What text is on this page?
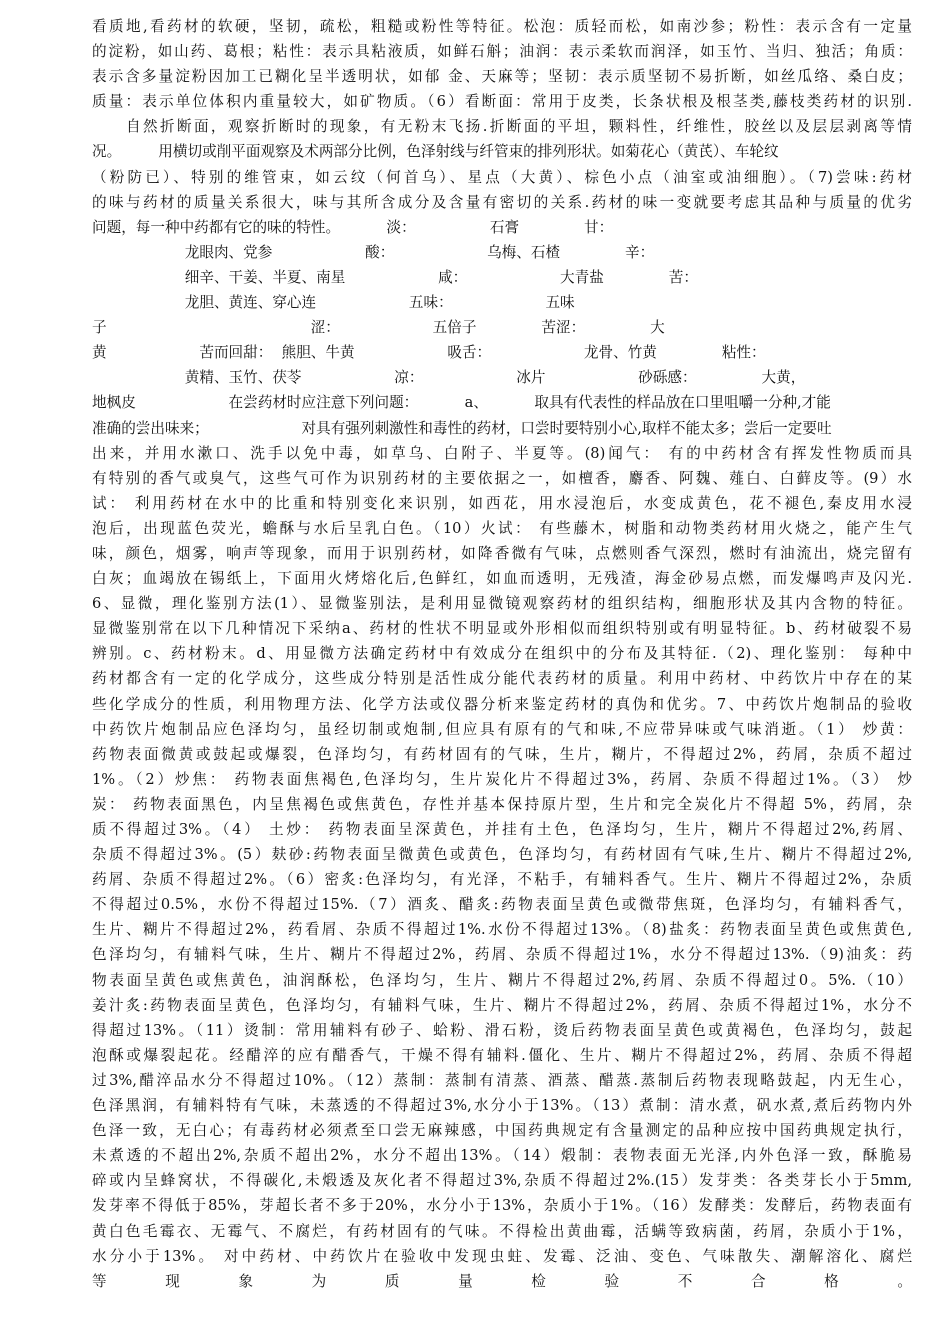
看质地,看药材的软硬，坚韧，疏松，粗糙或粉性等特征。松泡：质轻而松，如南沙参；粉性：表示含有一定量
的淀粉，如山药、葛根；粘性：表示具粘液质，如鲜石斛；油润：表示柔软而润泽，如玉竹、当归、独活；角质：
表示含多量淀粉因加工已糊化呈半透明状，如郁 金、天麻等；坚韧：表示质坚韧不易折断，如丝瓜络、桑白皮；
质量：表示单位体积内重量较大，如矿物质。（6）看断面：常用于皮类，长条状根及根茎类,藤枝类药材的识别.
自然折断面，观察折断时的现象，有无粉末飞扬.折断面的平坦，颗料性，纤维性，胶丝以及层层剥离等情
况。        用横切或削平面观察及术两部分比例，色泽射线与纤管束的排列形状。如菊花心（黄芪）、车轮纹
（粉防已）、特别的维管束，如云纹（何首乌）、星点（大黄）、棕色小点（油室或油细胞）。（7)尝味:药材
的味与药材的质量关系很大，味与其所含成分及含量有密切的关系.药材的味一变就要考虑其品种与质量的优劣
问题，每一种中药都有它的味的特性。          淡：                石膏              甘：
龙眼肉、党参                    酸：                    乌梅、石楂              辛：
细辛、干姜、半夏、南星                    咸：                    大青盐              苦：
龙胆、黄连、穿心连                    五味：                    五味
子                                            涩：                    五倍子              苦涩：              大
黄                    苦而回甜：  熊胆、牛黄                    吸舌：                    龙骨、竹黄              粘性：
黄精、玉竹、茯苓                    凉：                    冰片                    砂砾感：              大黄，
地枫皮                    在尝药材时应注意下列问题：          a、          取具有代表性的样品放在口里咀嚼一分种,才能
准确的尝出味来；                    对具有强列刺激性和毒性的药材，口尝时要特别小心,取样不能太多；尝后一定要吐
出来，并用水漱口、洗手以免中毒，如草乌、白附子、半夏等。(8)闻气： 有的中药材含有挥发性物质而具
有特别的香气或臭气，这些气可作为识别药材的主要依据之一，如檀香，麝香、阿魏、薤白、白藓皮等。(9）水
试： 利用药材在水中的比重和特别变化来识别，如西花，用水浸泡后，水变成黄色，花不褪色,秦皮用水浸
泡后，出现蓝色荧光，蟾酥与水后呈乳白色。（10）火试： 有些藤木，树脂和动物类药材用火烧之，能产生气
味，颜色，烟雾，响声等现象，而用于识别药材，如降香微有气味，点燃则香气深烈，燃时有油流出，烧完留有
白灰；血竭放在锡纸上，下面用火烤熔化后,色鲜红，如血而透明，无残渣，海金砂易点燃，而发爆鸣声及闪光.
6、显微，理化鉴别方法(1）、显微鉴别法，是利用显微镜观察药材的组织结构，细胞形状及其内含物的特征。
显微鉴别常在以下几种情况下采纳a、药材的性状不明显或外形相似而组织特别或有明显特征。b、药材破裂不易
辨别。c、药材粉末。d、用显微方法确定药材中有效成分在组织中的分布及其特征.（2)、理化鉴别： 每种中
药材都含有一定的化学成分，这些成分特别是活性成分能代表药材的质量。利用中药材、中药饮片中存在的某
些化学成分的性质，利用物理方法、化学方法或仪器分析来鉴定药材的真伪和优劣。7、中药饮片炮制品的验收
中药饮片炮制品应色泽均匀，虽经切制或炮制,但应具有原有的气和味,不应带异味或气味消逝。（1） 炒黄：
药物表面微黄或鼓起或爆裂，色泽均匀，有药材固有的气味，生片，糊片，不得超过2%，药屑，杂质不超过
1%。（2）炒焦： 药物表面焦褐色,色泽均匀，生片炭化片不得超过3%，药屑、杂质不得超过1%。（3） 炒
炭： 药物表面黑色，内呈焦褐色或焦黄色，存性并基本保持原片型，生片和完全炭化片不得超 5%，药屑，杂
质不得超过3%。（4） 土炒： 药物表面呈深黄色，并挂有土色，色泽均匀，生片，糊片不得超过2%,药屑、
杂质不得超过3%。(5）麸砂:药物表面呈微黄色或黄色，色泽均匀，有药材固有气味,生片、糊片不得超过2%,
药屑、杂质不得超过2%。（6）密炙:色泽均匀，有光泽，不粘手，有辅料香气。生片、糊片不得超过2%，杂质
不得超过0.5%，水份不得超过15%.（7）酒炙、醋炙:药物表面呈黄色或微带焦斑，色泽均匀，有辅料香气，
生片、糊片不得超过2%，药看屑、杂质不得超过1%.水份不得超过13%。（8)盐炙：药物表面呈黄色或焦黄色,
色泽均匀，有辅料气味，生片、糊片不得超过2%，药屑、杂质不得超过1%，水分不得超过13%.（9)油炙：药
物表面呈黄色或焦黄色，油润酥松，色泽均匀，生片、糊片不得超过2%,药屑、杂质不得超过0。5%.（10）
姜汁炙:药物表面呈黄色，色泽均匀，有辅料气味，生片、糊片不得超过2%，药屑、杂质不得超过1%，水分不
得超过13%。（11）烫制：常用辅料有砂子、蛤粉、滑石粉，烫后药物表面呈黄色或黄褐色，色泽均匀，鼓起
泡酥或爆裂起花。经醋淬的应有醋香气，干燥不得有辅料.僵化、生片、糊片不得超过2%，药屑、杂质不得超
过3%,醋淬品水分不得超过10%。（12）蒸制：蒸制有清蒸、酒蒸、醋蒸.蒸制后药物表现略鼓起，内无生心，
色泽黑润，有辅料特有气味，未蒸透的不得超过3%,水分小于13%。（13）煮制：清水煮，矾水煮,煮后药物内外
色泽一致，无白心；有毒药材必须煮至口尝无麻辣感，中国药典规定有含量测定的品种应按中国药典规定执行，
未煮透的不超出2%,杂质不超出2%，水分不超出13%。（14）煅制：表物表面无光泽,内外色泽一致，酥脆易
碎或内呈蜂窝状，不得碳化,未煅透及灰化者不得超过3%,杂质不得超过2%.(15）发芽类：各类芽长小于5mm,
发芽率不得低于85%，芽超长者不多于20%，水分小于13%，杂质小于1%。（16）发酵类：发酵后，药物表面有
黄白色毛霉衣、无霉气、不腐烂，有药材固有的气味。不得检出黄曲霉，活螨等致病菌，药屑，杂质小于1%，
水分小于13%。 对中药材、中药饮片在验收中发现虫蛀、发霉、泛油、变色、气味散失、潮解溶化、腐烂
等现象为质量检验不合格。
